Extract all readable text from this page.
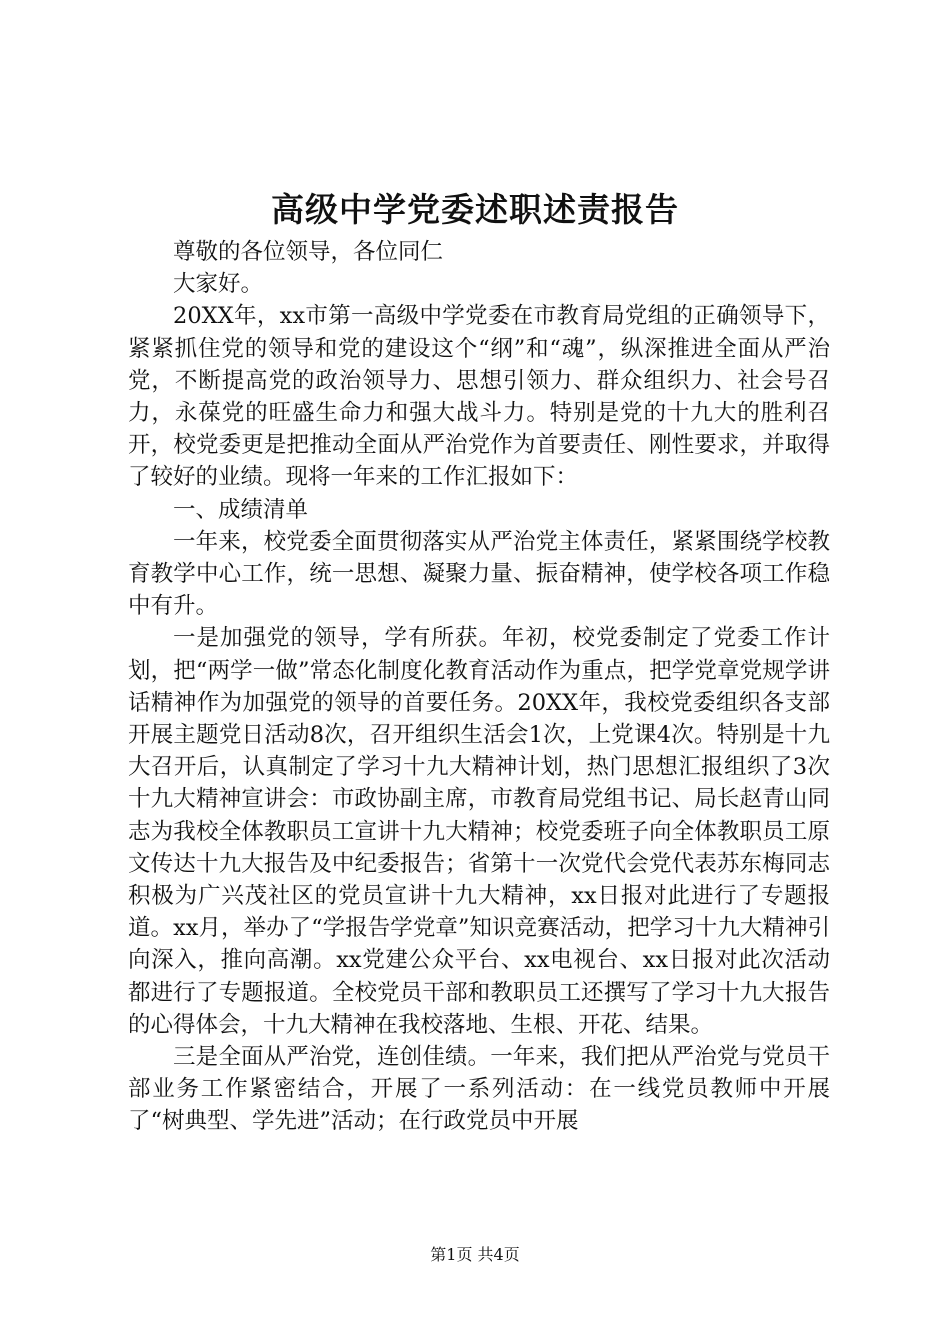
高级中学党委述职述责报告

尊敬的各位领导，各位同仁

大家好。

20XX年，xx市第一高级中学党委在市教育局党组的正确领导下，紧紧抓住党的领导和党的建设这个“纲”和“魂”，纵深推进全面从严治党，不断提高党的政治领导力、思想引领力、群众组织力、社会号召力，永葆党的旺盛生命力和强大战斗力。特别是党的十九大的胜利召开，校党委更是把推动全面从严治党作为首要责任、刚性要求，并取得了较好的业绩。现将一年来的工作汇报如下：

一、成绩清单

一年来，校党委全面贯彻落实从严治党主体责任，紧紧围绕学校教育教学中心工作，统一思想、凝聚力量、振奋精神，使学校各项工作稳中有升。

一是加强党的领导，学有所获。年初，校党委制定了党委工作计划，把“两学一做”常态化制度化教育活动作为重点，把学党章党规学讲话精神作为加强党的领导的首要任务。20XX年，我校党委组织各支部开展主题党日活动8次，召开组织生活会1次，上党课4次。特别是十九大召开后，认真制定了学习十九大精神计划，热门思想汇报组织了3次十九大精神宣讲会：市政协副主席，市教育局党组书记、局长赵青山同志为我校全体教职员工宣讲十九大精神；校党委班子向全体教职员工原文传达十九大报告及中纪委报告；省第十一次党代会党代表苏东梅同志积极为广兴茂社区的党员宣讲十九大精神，xx日报对此进行了专题报道。xx月，举办了“学报告学党章”知识竞赛活动，把学习十九大精神引向深入，推向高潮。xx党建公众平台、xx电视台、xx日报对此次活动都进行了专题报道。全校党员干部和教职员工还撰写了学习十九大报告的心得体会，十九大精神在我校落地、生根、开花、结果。

三是全面从严治党，连创佳绩。一年来，我们把从严治党与党员干部业务工作紧密结合，开展了一系列活动：在一线党员教师中开展了“树典型、学先进”活动；在行政党员中开展

第1页 共4页
